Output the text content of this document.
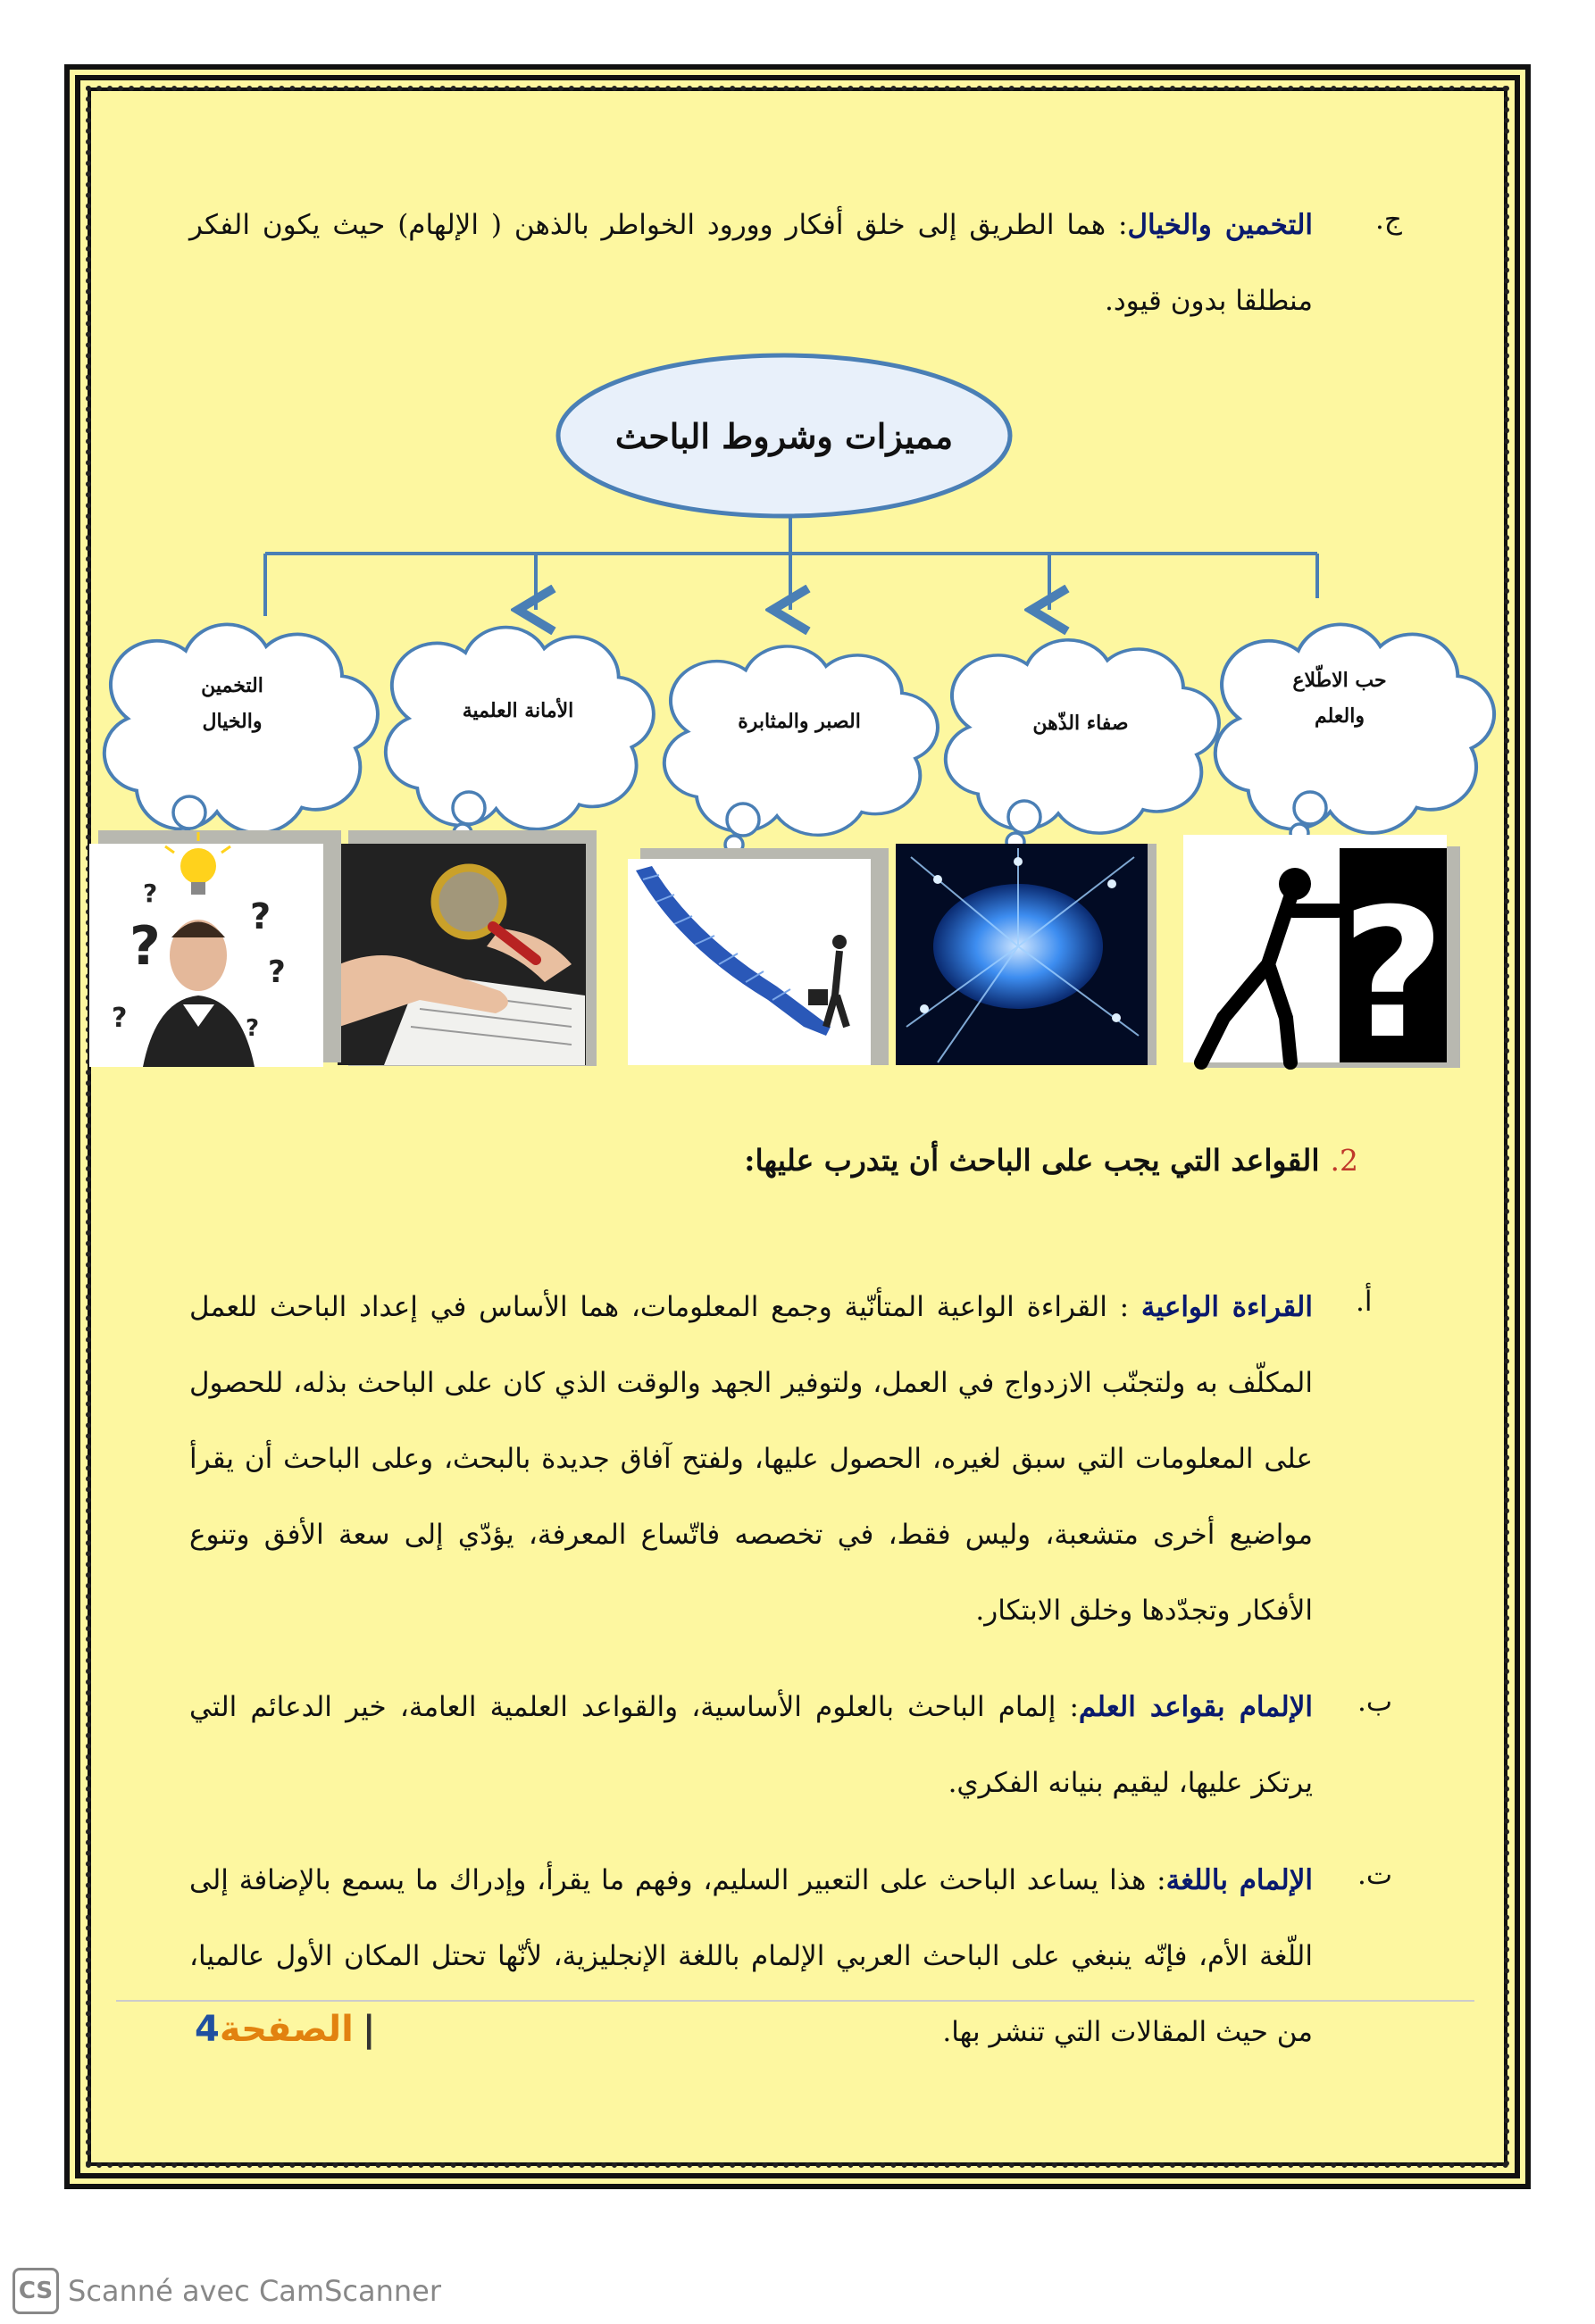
ج.
التخمين والخيال: هما الطريق إلى خلق أفكار وورود الخواطر بالذهن ( الإلهام) حيث يكون الفكر منطلقا بدون قيود.
مميزات وشروط الباحث
?
?	?
?
?
?
?
حب الاطّلاع
والعلم
صفاء الذّهن
الصبر والمثابرة
الأمانة العلمية
التخمين
والخيال
2.القواعد التي يجب على الباحث أن يتدرب عليها:
أ.
القراءة الواعية : القراءة الواعية المتأنّية وجمع المعلومات، هما الأساس في إعداد الباحث للعمل المكلّف به ولتجنّب الازدواج في العمل، ولتوفير الجهد والوقت الذي كان على الباحث بذله، للحصول على المعلومات التي سبق لغيره، الحصول عليها، ولفتح آفاق جديدة بالبحث، وعلى الباحث أن يقرأ مواضيع أخرى متشعبة، وليس فقط، في تخصصه فاتّساع المعرفة، يؤدّي إلى سعة الأفق وتنوع الأفكار وتجدّدها وخلق الابتكار.
ب.
الإلمام بقواعد العلم: إلمام الباحث بالعلوم الأساسية، والقواعد العلمية العامة، خير الدعائم التي يرتكز عليها، ليقيم بنيانه الفكري.
ت.
الإلمام باللغة: هذا يساعد الباحث على التعبير السليم، وفهم ما يقرأ، وإدراك ما يسمع بالإضافة إلى اللّغة الأم، فإنّه ينبغي على الباحث العربي الإلمام باللغة الإنجليزية، لأنّها تحتل المكان الأول عالميا، من حيث المقالات التي تنشر بها.
|الصفحة4
CS Scanné avec CamScanner
